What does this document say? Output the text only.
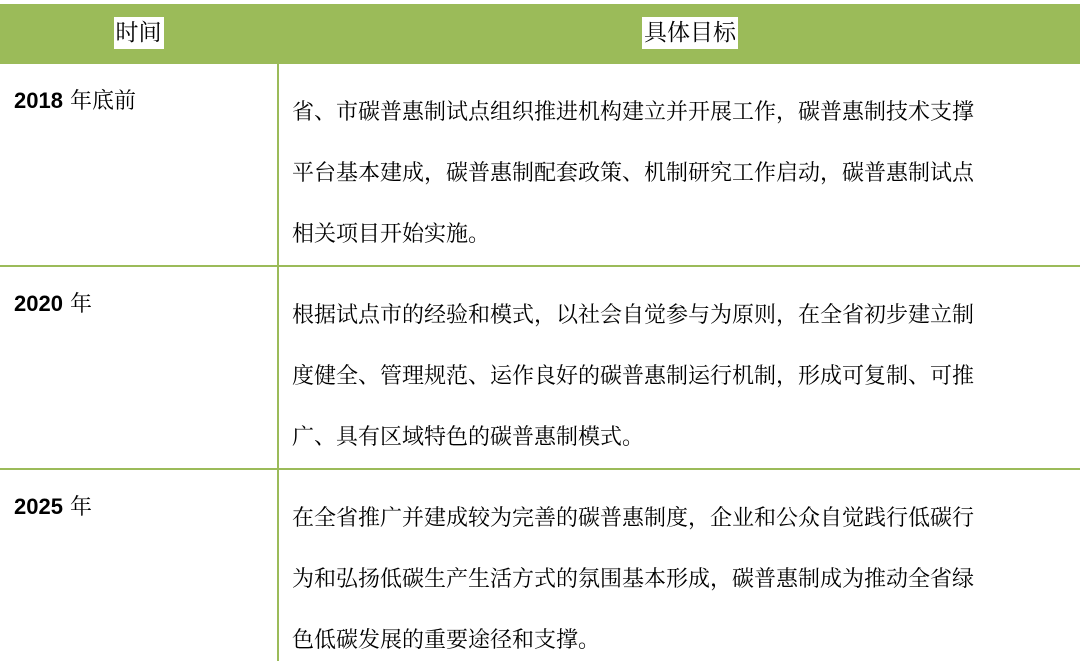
时间	具体目标
2018 年底前	省、市碳普惠制试点组织推进机构建立并开展工作，碳普惠制技术支撑
平台基本建成，碳普惠制配套政策、机制研究工作启动，碳普惠制试点
相关项目开始实施。

2020 年	根据试点市的经验和模式，以社会自觉参与为原则，在全省初步建立制
度健全、管理规范、运作良好的碳普惠制运行机制，形成可复制、可推
广、具有区域特色的碳普惠制模式。

2025 年	在全省推广并建成较为完善的碳普惠制度，企业和公众自觉践行低碳行
为和弘扬低碳生产生活方式的氛围基本形成，碳普惠制成为推动全省绿
色低碳发展的重要途径和支撑。
